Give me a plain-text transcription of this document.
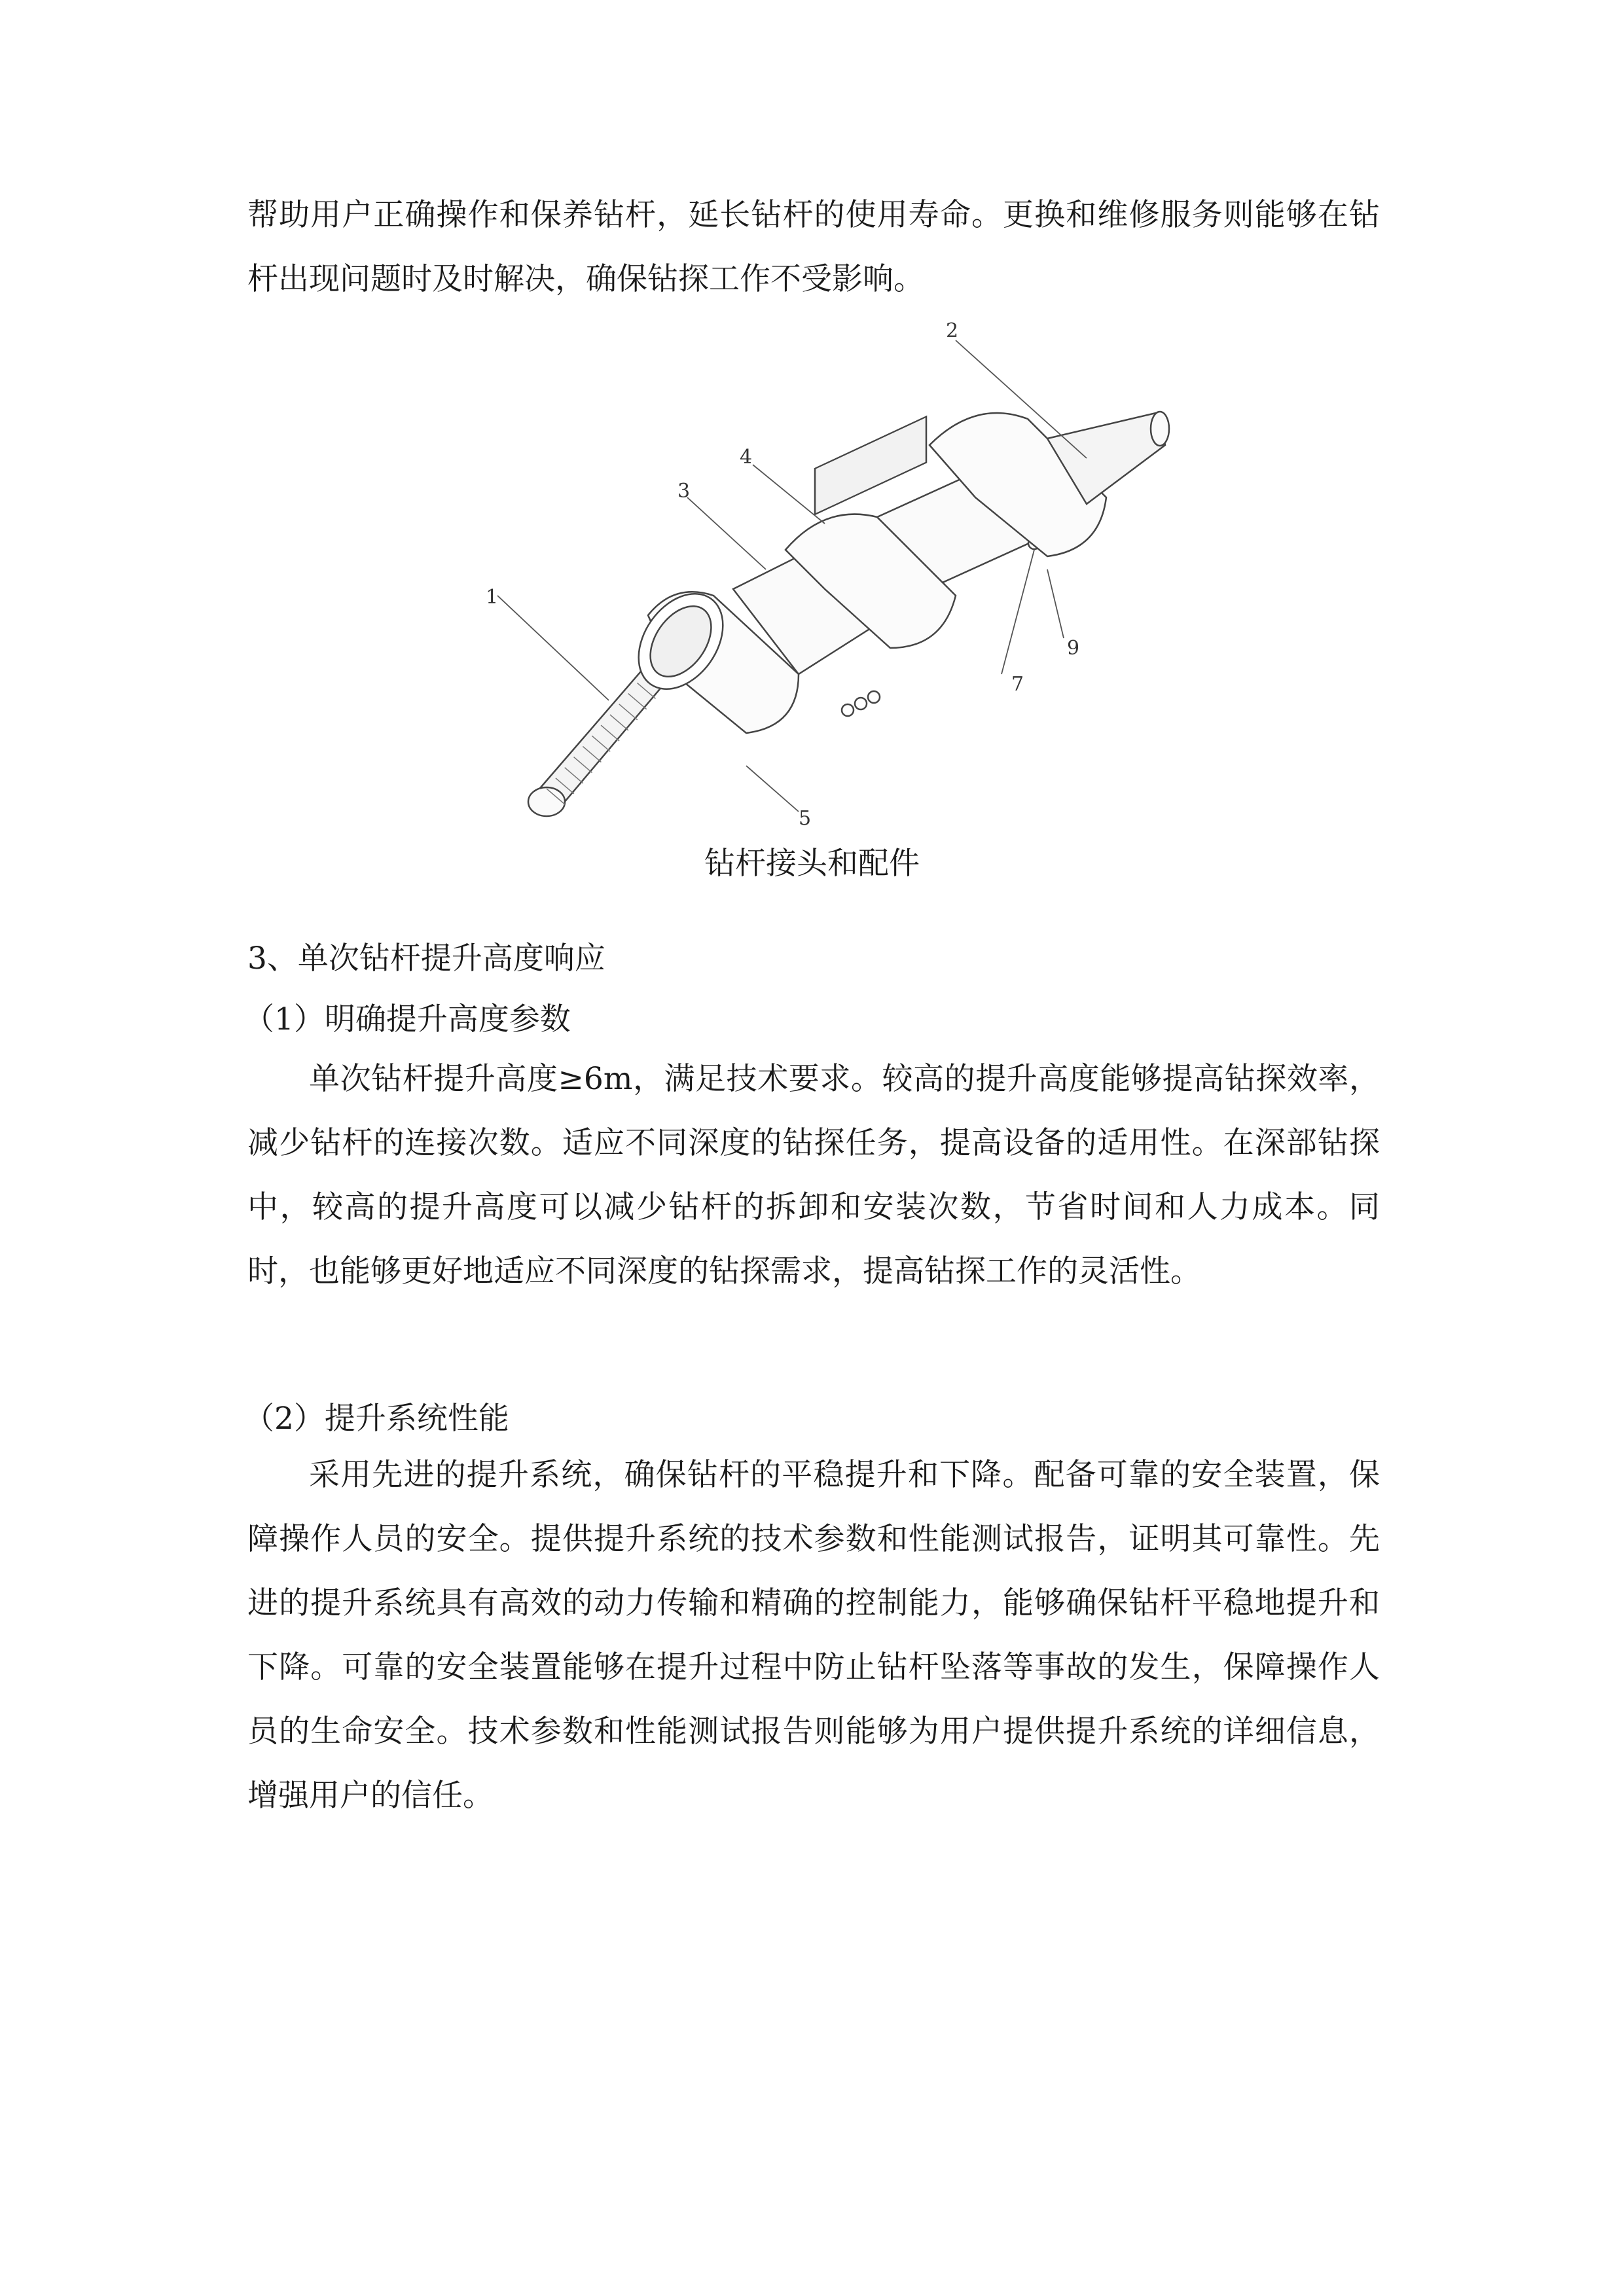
帮助用户正确操作和保养钻杆，延长钻杆的使用寿命。更换和维修服务则能够在钻杆出现问题时及时解决，确保钻探工作不受影响。

1
2
3
4
5
7
9

钻杆接头和配件

3、单次钻杆提升高度响应

（1）明确提升高度参数

单次钻杆提升高度≥6m，满足技术要求。较高的提升高度能够提高钻探效率，减少钻杆的连接次数。适应不同深度的钻探任务，提高设备的适用性。在深部钻探中，较高的提升高度可以减少钻杆的拆卸和安装次数，节省时间和人力成本。同时，也能够更好地适应不同深度的钻探需求，提高钻探工作的灵活性。

（2）提升系统性能

采用先进的提升系统，确保钻杆的平稳提升和下降。配备可靠的安全装置，保障操作人员的安全。提供提升系统的技术参数和性能测试报告，证明其可靠性。先进的提升系统具有高效的动力传输和精确的控制能力，能够确保钻杆平稳地提升和下降。可靠的安全装置能够在提升过程中防止钻杆坠落等事故的发生，保障操作人员的生命安全。技术参数和性能测试报告则能够为用户提供提升系统的详细信息，增强用户的信任。
